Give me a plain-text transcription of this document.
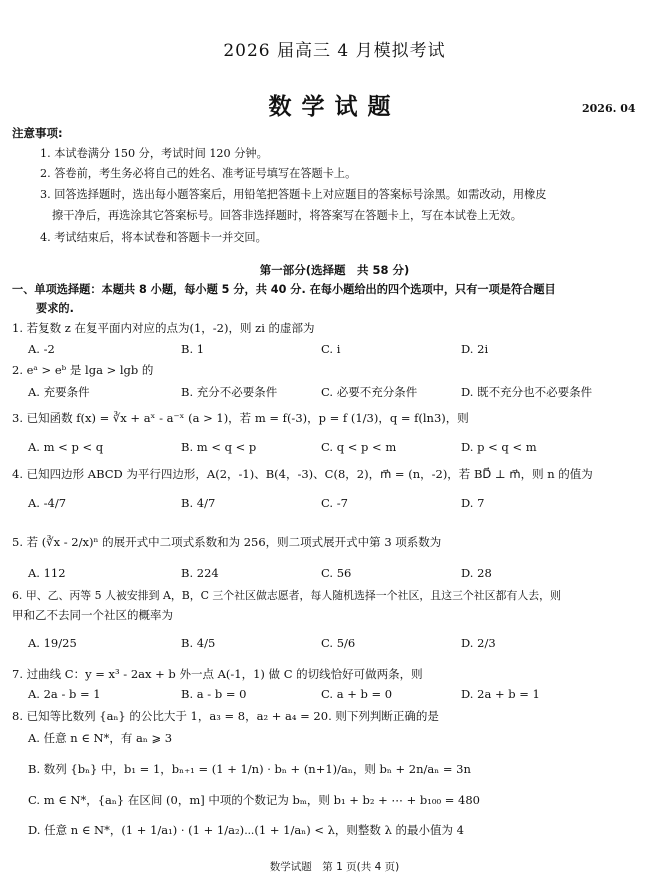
2026 届高三 4 月模拟考试
数学试题	2026. 04
注意事项:
1. 本试卷满分 150 分，考试时间 120 分钟。
2. 答卷前，考生务必将自己的姓名、准考证号填写在答题卡上。
3. 回答选择题时，选出每小题答案后，用铅笔把答题卡上对应题目的答案标号涂黑。如需改动，用橡皮
擦干净后，再选涂其它答案标号。回答非选择题时，将答案写在答题卡上，写在本试卷上无效。
4. 考试结束后，将本试卷和答题卡一并交回。
第一部分(选择题　共 58 分)
一、单项选择题：本题共 8 小题，每小题 5 分，共 40 分. 在每小题给出的四个选项中，只有一项是符合题目
要求的.
1. 若复数 z 在复平面内对应的点为(1，-2)，则 zi 的虚部为
A. -2	B. 1	C. i	D. 2i
2. eᵃ > eᵇ 是 lga > lgb 的
A. 充要条件	B. 充分不必要条件	C. 必要不充分条件	D. 既不充分也不必要条件
3. 已知函数 f(x) = ∛x + aˣ - a⁻ˣ (a > 1)，若 m = f(-3)，p = f (1/3)，q = f(ln3)，则
A. m < p < q	B. m < q < p	C. q < p < m	D. p < q < m
4. 已知四边形 ABCD 为平行四边形，A(2，-1)、B(4，-3)、C(8，2)，m⃗ = (n，-2)，若 BD⃗ ⊥ m⃗，则 n 的值为
A. -4/7	B. 4/7	C. -7	D. 7
5. 若 (∛x - 2/x)ⁿ 的展开式中二项式系数和为 256，则二项式展开式中第 3 项系数为
A. 112	B. 224	C. 56	D. 28
6. 甲、乙、丙等 5 人被安排到 A，B，C 三个社区做志愿者，每人随机选择一个社区，且这三个社区都有人去，则
甲和乙不去同一个社区的概率为
A. 19/25	B. 4/5	C. 5/6	D. 2/3
7. 过曲线 C：y = x³ - 2ax + b 外一点 A(-1，1) 做 C 的切线恰好可做两条，则
A. 2a - b = 1	B. a - b = 0	C. a + b = 0	D. 2a + b = 1
8. 已知等比数列 {aₙ} 的公比大于 1，a₃ = 8，a₂ + a₄ = 20. 则下列判断正确的是
A. 任意 n ∈ N*，有 aₙ ⩾ 3
B. 数列 {bₙ} 中，b₁ = 1，bₙ₊₁ = (1 + 1/n) · bₙ + (n+1)/aₙ，则 bₙ + 2n/aₙ = 3n
C. m ∈ N*，{aₙ} 在区间 (0，m] 中项的个数记为 bₘ，则 b₁ + b₂ + ⋯ + b₁₀₀ = 480
D. 任意 n ∈ N*，(1 + 1/a₁) · (1 + 1/a₂)⋯(1 + 1/aₙ) < λ，则整数 λ 的最小值为 4
数学试题　第 1 页(共 4 页)
